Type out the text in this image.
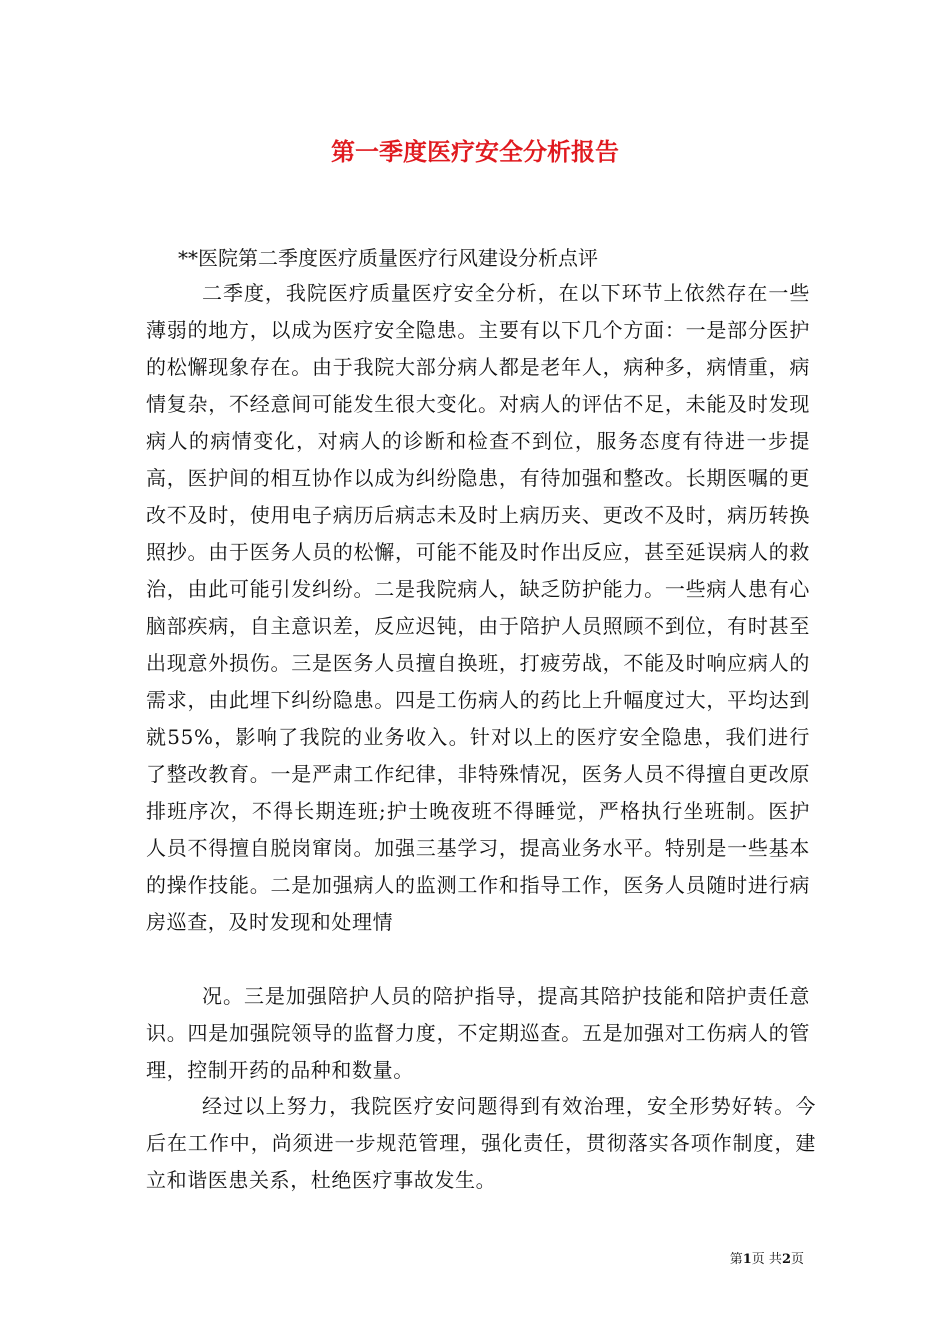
第一季度医疗安全分析报告
**医院第二季度医疗质量医疗行风建设分析点评
二季度，我院医疗质量医疗安全分析，在以下环节上依然存在一些薄弱的地方，以成为医疗安全隐患。主要有以下几个方面：一是部分医护的松懈现象存在。由于我院大部分病人都是老年人，病种多，病情重，病情复杂，不经意间可能发生很大变化。对病人的评估不足，未能及时发现病人的病情变化，对病人的诊断和检查不到位，服务态度有待进一步提高，医护间的相互协作以成为纠纷隐患，有待加强和整改。长期医嘱的更改不及时，使用电子病历后病志未及时上病历夹、更改不及时，病历转换照抄。由于医务人员的松懈，可能不能及时作出反应，甚至延误病人的救治，由此可能引发纠纷。二是我院病人，缺乏防护能力。一些病人患有心脑部疾病，自主意识差，反应迟钝，由于陪护人员照顾不到位，有时甚至出现意外损伤。三是医务人员擅自换班，打疲劳战，不能及时响应病人的需求，由此埋下纠纷隐患。四是工伤病人的药比上升幅度过大，平均达到就55%，影响了我院的业务收入。针对以上的医疗安全隐患，我们进行了整改教育。一是严肃工作纪律，非特殊情况，医务人员不得擅自更改原排班序次，不得长期连班;护士晚夜班不得睡觉，严格执行坐班制。医护人员不得擅自脱岗窜岗。加强三基学习，提高业务水平。特别是一些基本的操作技能。二是加强病人的监测工作和指导工作，医务人员随时进行病房巡查，及时发现和处理情
况。三是加强陪护人员的陪护指导，提高其陪护技能和陪护责任意识。四是加强院领导的监督力度，不定期巡查。五是加强对工伤病人的管理，控制开药的品种和数量。
经过以上努力，我院医疗安问题得到有效治理，安全形势好转。今后在工作中，尚须进一步规范管理，强化责任，贯彻落实各项作制度，建立和谐医患关系，杜绝医疗事故发生。
第1页 共2页
